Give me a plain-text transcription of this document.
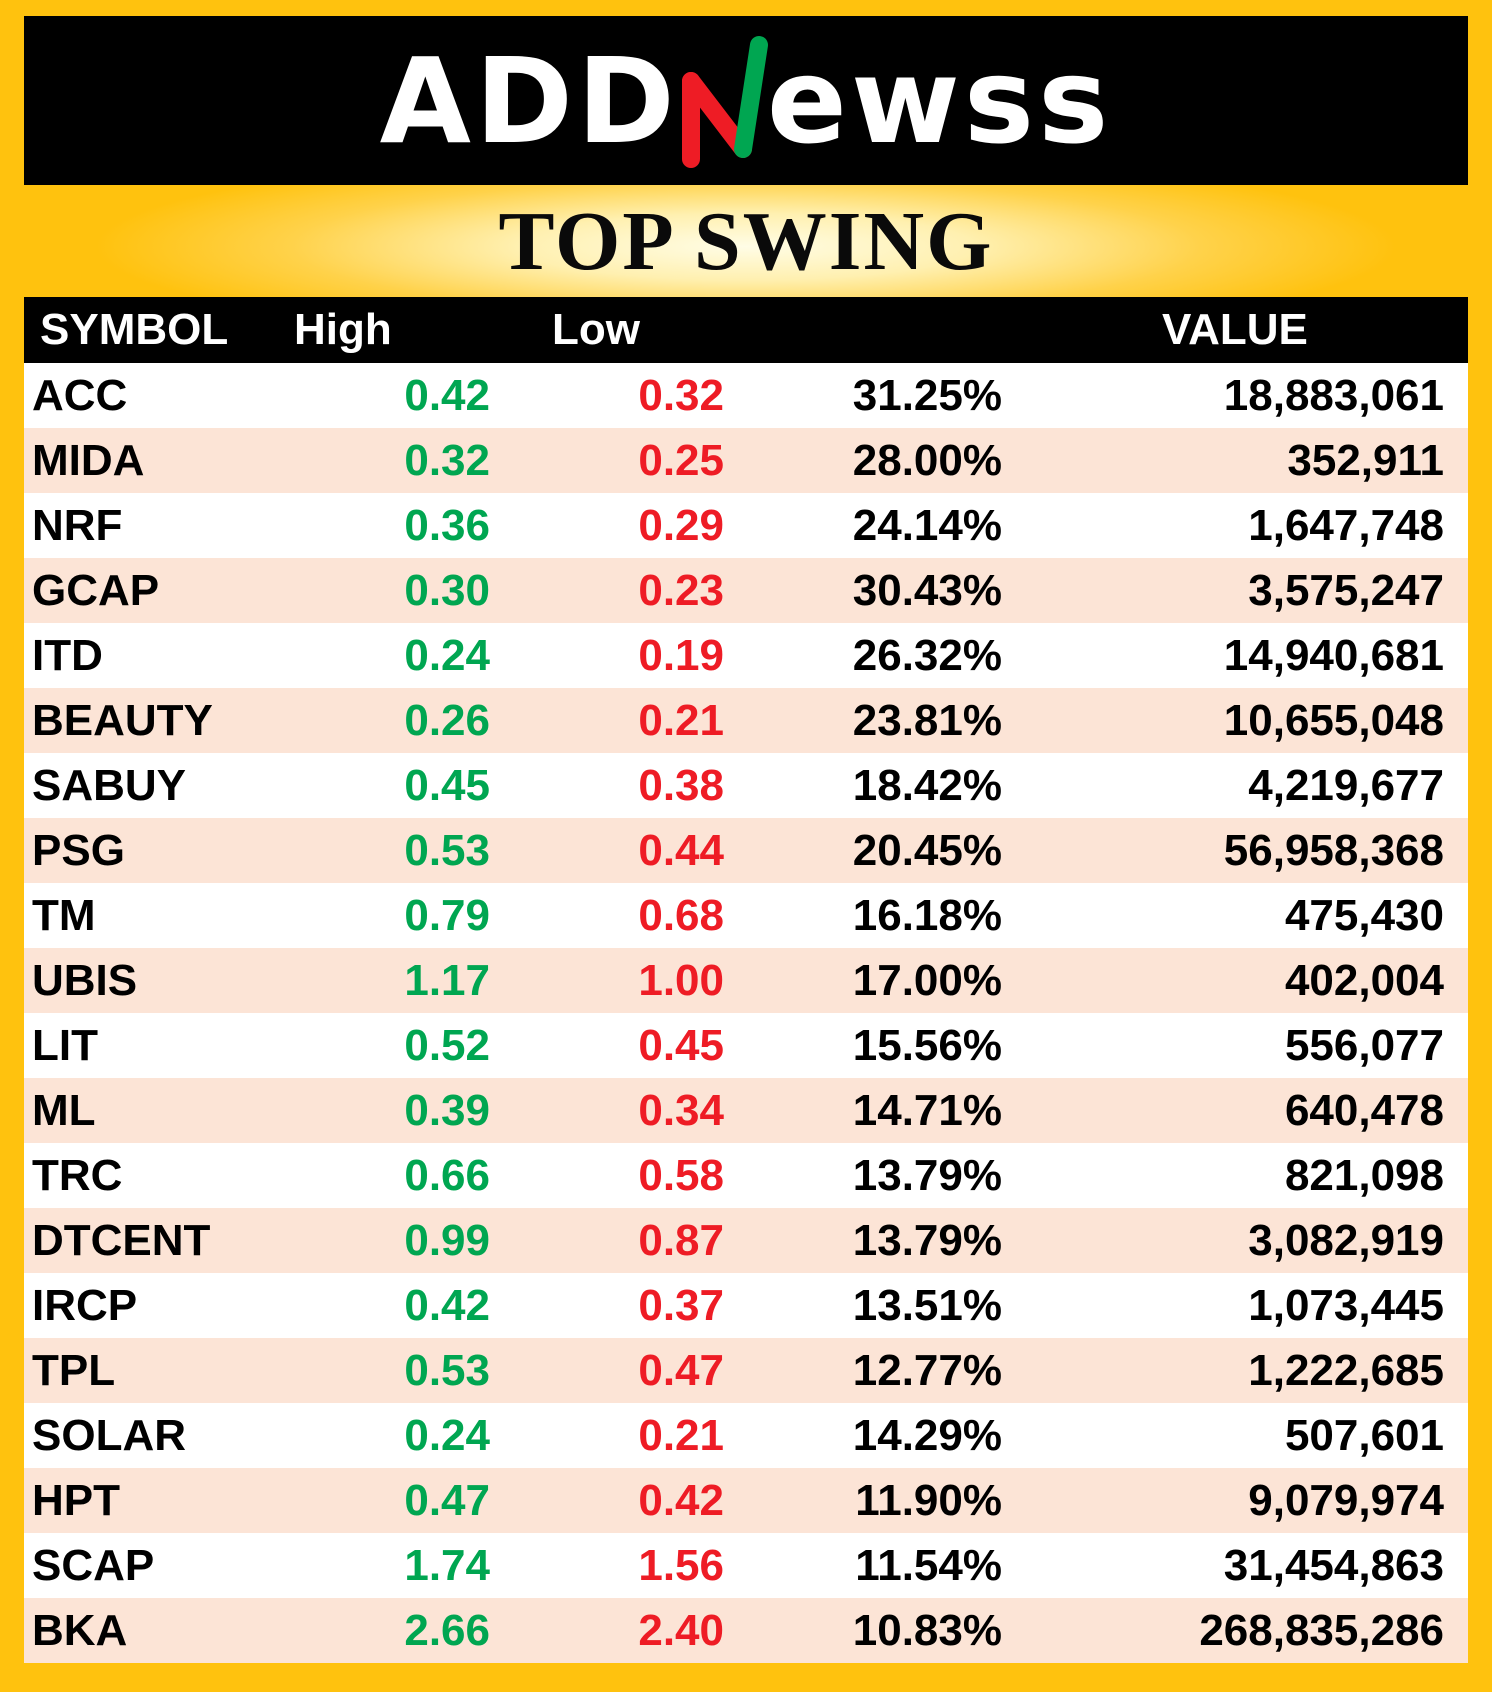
ADD ewss
TOP SWING
SYMBOL	High	Low		VALUE
ACC	0.42	0.32	31.25%	18,883,061
MIDA	0.32	0.25	28.00%	352,911
NRF	0.36	0.29	24.14%	1,647,748
GCAP	0.30	0.23	30.43%	3,575,247
ITD	0.24	0.19	26.32%	14,940,681
BEAUTY	0.26	0.21	23.81%	10,655,048
SABUY	0.45	0.38	18.42%	4,219,677
PSG	0.53	0.44	20.45%	56,958,368
TM	0.79	0.68	16.18%	475,430
UBIS	1.17	1.00	17.00%	402,004
LIT	0.52	0.45	15.56%	556,077
ML	0.39	0.34	14.71%	640,478
TRC	0.66	0.58	13.79%	821,098
DTCENT	0.99	0.87	13.79%	3,082,919
IRCP	0.42	0.37	13.51%	1,073,445
TPL	0.53	0.47	12.77%	1,222,685
SOLAR	0.24	0.21	14.29%	507,601
HPT	0.47	0.42	11.90%	9,079,974
SCAP	1.74	1.56	11.54%	31,454,863
BKA	2.66	2.40	10.83%	268,835,286
